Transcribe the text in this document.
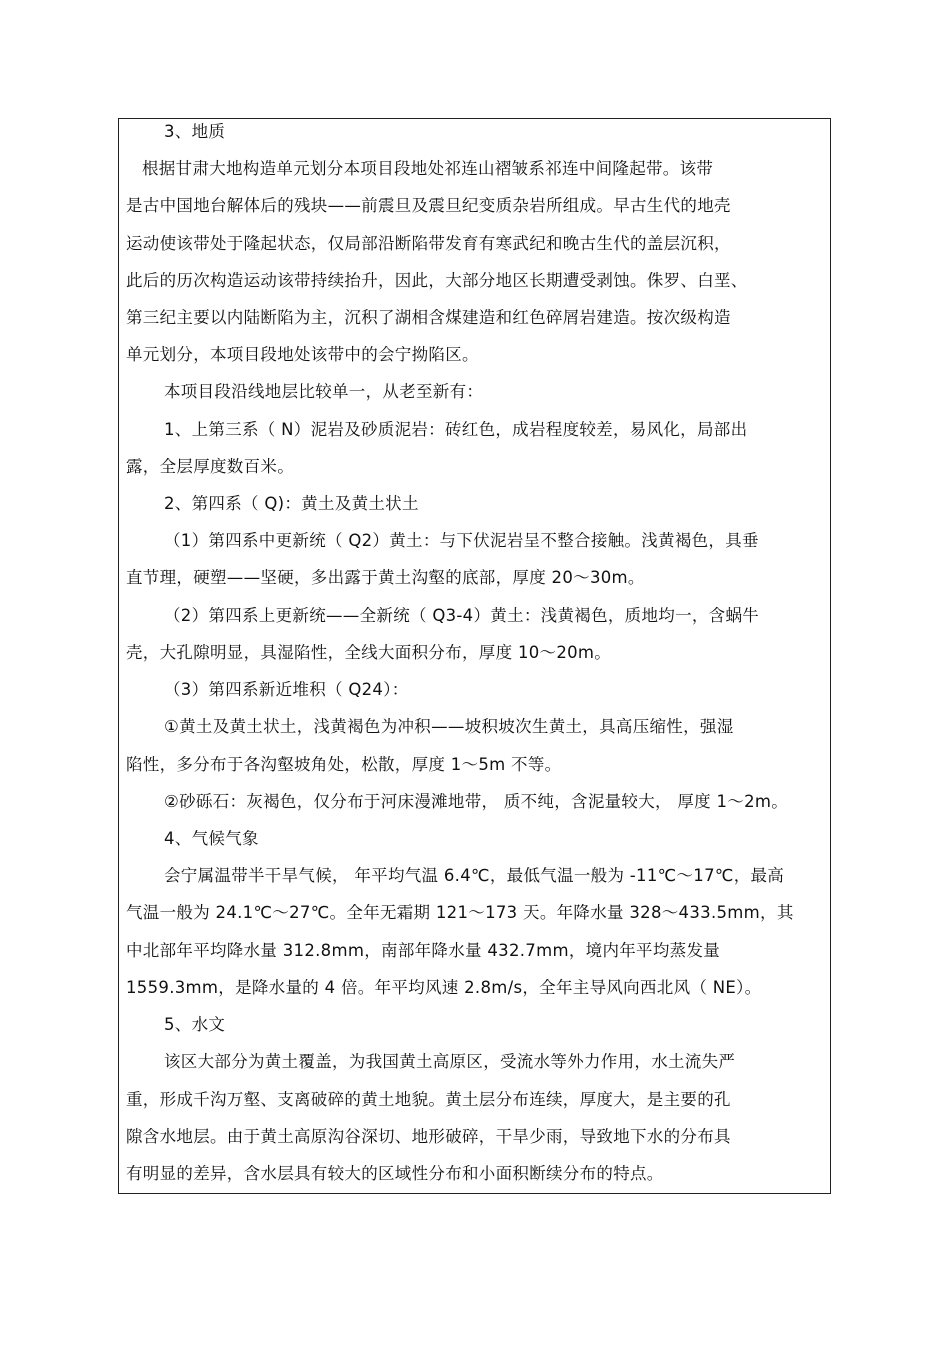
3、地质
根据甘肃大地构造单元划分本项目段地处祁连山褶皱系祁连中间隆起带。该带
是古中国地台解体后的残块——前震旦及震旦纪变质杂岩所组成。早古生代的地壳
运动使该带处于隆起状态，仅局部沿断陷带发育有寒武纪和晚古生代的盖层沉积，
此后的历次构造运动该带持续抬升，因此，大部分地区长期遭受剥蚀。侏罗、白垩、
第三纪主要以内陆断陷为主，沉积了湖相含煤建造和红色碎屑岩建造。按次级构造
单元划分，本项目段地处该带中的会宁拗陷区。
本项目段沿线地层比较单一，从老至新有：
1、上第三系（ N）泥岩及砂质泥岩：砖红色，成岩程度较差，易风化，局部出
露，全层厚度数百米。
2、第四系（ Q)：黄土及黄土状土
（1）第四系中更新统（ Q2）黄土：与下伏泥岩呈不整合接触。浅黄褐色，具垂
直节理，硬塑——坚硬，多出露于黄土沟壑的底部，厚度 20～30m。
（2）第四系上更新统——全新统（ Q3-4）黄土：浅黄褐色，质地均一，含蜗牛
壳，大孔隙明显，具湿陷性，全线大面积分布，厚度 10～20m。
（3）第四系新近堆积（ Q24）：
①黄土及黄土状土，浅黄褐色为冲积——坡积坡次生黄土，具高压缩性，强湿
陷性，多分布于各沟壑坡角处，松散，厚度 1～5m 不等。
②砂砾石：灰褐色，仅分布于河床漫滩地带， 质不纯，含泥量较大， 厚度 1～2m。
4、气候气象
会宁属温带半干旱气候， 年平均气温 6.4℃，最低气温一般为 -11℃～17℃，最高
气温一般为 24.1℃～27℃。全年无霜期 121～173 天。年降水量 328～433.5mm，其
中北部年平均降水量 312.8mm，南部年降水量 432.7mm，境内年平均蒸发量
1559.3mm，是降水量的 4 倍。年平均风速 2.8m/s，全年主导风向西北风（ NE）。
5、水文
该区大部分为黄土覆盖，为我国黄土高原区，受流水等外力作用，水土流失严
重，形成千沟万壑、支离破碎的黄土地貌。黄土层分布连续，厚度大，是主要的孔
隙含水地层。由于黄土高原沟谷深切、地形破碎，干旱少雨，导致地下水的分布具
有明显的差异，含水层具有较大的区域性分布和小面积断续分布的特点。
